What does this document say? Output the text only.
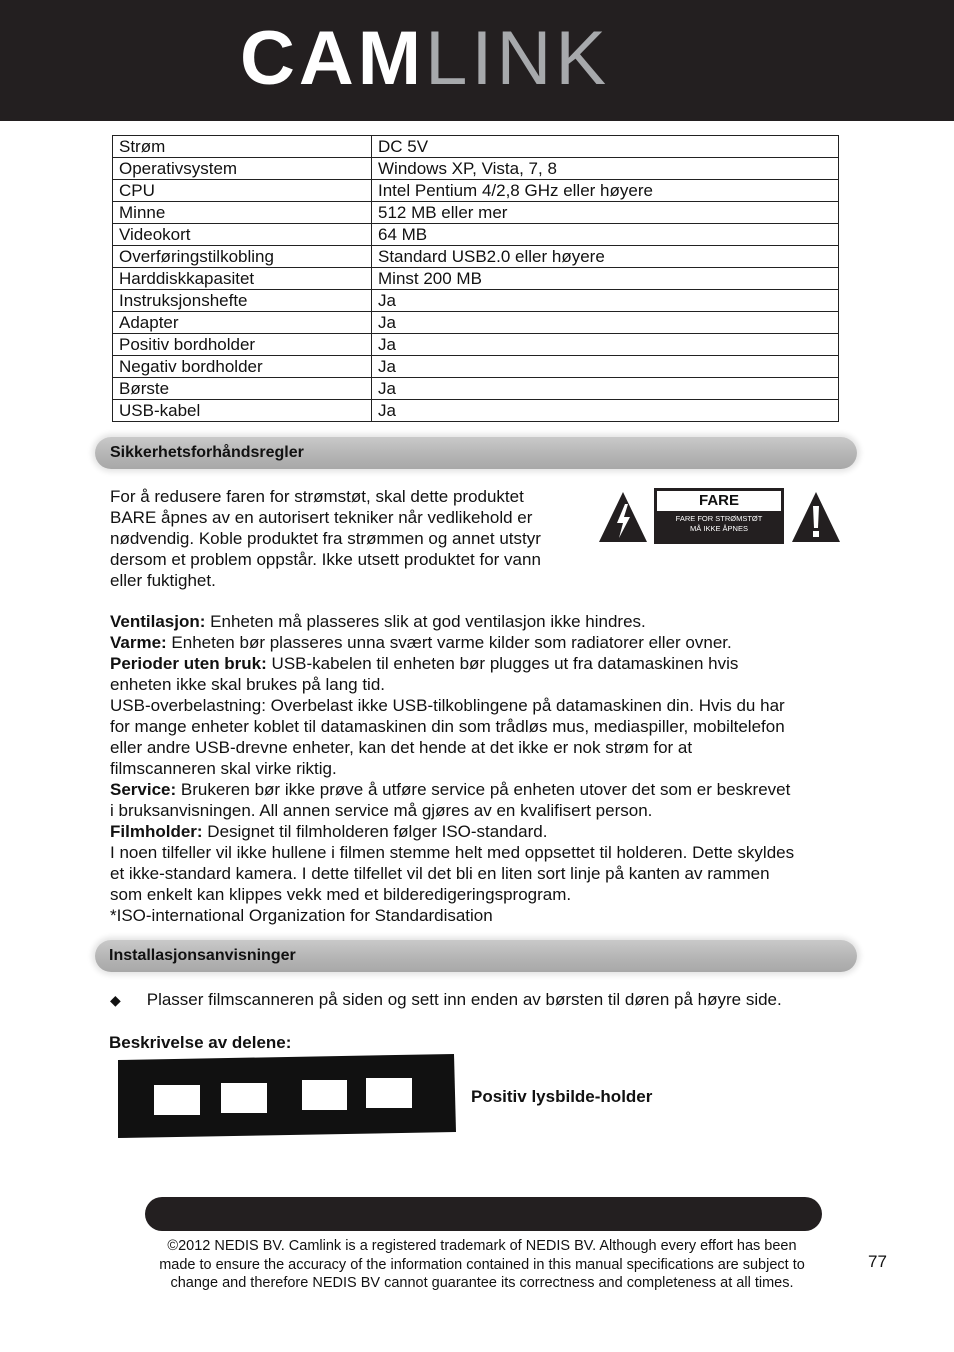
CAMLINK
Strøm	DC 5V
Operativsystem	Windows XP, Vista, 7, 8
CPU	Intel Pentium 4/2,8 GHz eller høyere
Minne	512 MB eller mer
Videokort	64 MB
Overføringstilkobling	Standard USB2.0 eller høyere
Harddiskkapasitet	Minst 200 MB
Instruksjonshefte	Ja
Adapter	Ja
Positiv bordholder	Ja
Negativ bordholder	Ja
Børste	Ja
USB-kabel	Ja
Sikkerhetsforhåndsregler
For å redusere faren for strømstøt, skal dette produktet
BARE åpnes av en autorisert tekniker når vedlikehold er
nødvendig. Koble produktet fra strømmen og annet utstyr
dersom et problem oppstår. Ikke utsett produktet for vann
eller fuktighet.
FARE
FARE FOR STRØMSTØT
MÅ IKKE ÅPNES
Ventilasjon: Enheten må plasseres slik at god ventilasjon ikke hindres.
Varme: Enheten bør plasseres unna svært varme kilder som radiatorer eller ovner.
Perioder uten bruk: USB-kabelen til enheten bør plugges ut fra datamaskinen hvis
enheten ikke skal brukes på lang tid.
USB-overbelastning: Overbelast ikke USB-tilkoblingene på datamaskinen din. Hvis du har
for mange enheter koblet til datamaskinen din som trådløs mus, mediaspiller, mobiltelefon
eller andre USB-drevne enheter, kan det hende at det ikke er nok strøm for at
filmscanneren skal virke riktig.
Service: Brukeren bør ikke prøve å utføre service på enheten utover det som er beskrevet
i bruksanvisningen. All annen service må gjøres av en kvalifisert person.
Filmholder: Designet til filmholderen følger ISO-standard.
I noen tilfeller vil ikke hullene i filmen stemme helt med oppsettet til holderen. Dette skyldes
et ikke-standard kamera. I dette tilfellet vil det bli en liten sort linje på kanten av rammen
som enkelt kan klippes vekk med et bilderedigeringsprogram.
*ISO-international Organization for Standardisation
Installasjonsanvisninger
◆ Plasser filmscanneren på siden og sett inn enden av børsten til døren på høyre side.
Beskrivelse av delene:
Positiv lysbilde-holder
©2012 NEDIS BV. Camlink is a registered trademark of NEDIS BV. Although every effort has been
made to ensure the accuracy of the information contained in this manual specifications are subject to
change and therefore NEDIS BV cannot guarantee its correctness and completeness at all times.
77
